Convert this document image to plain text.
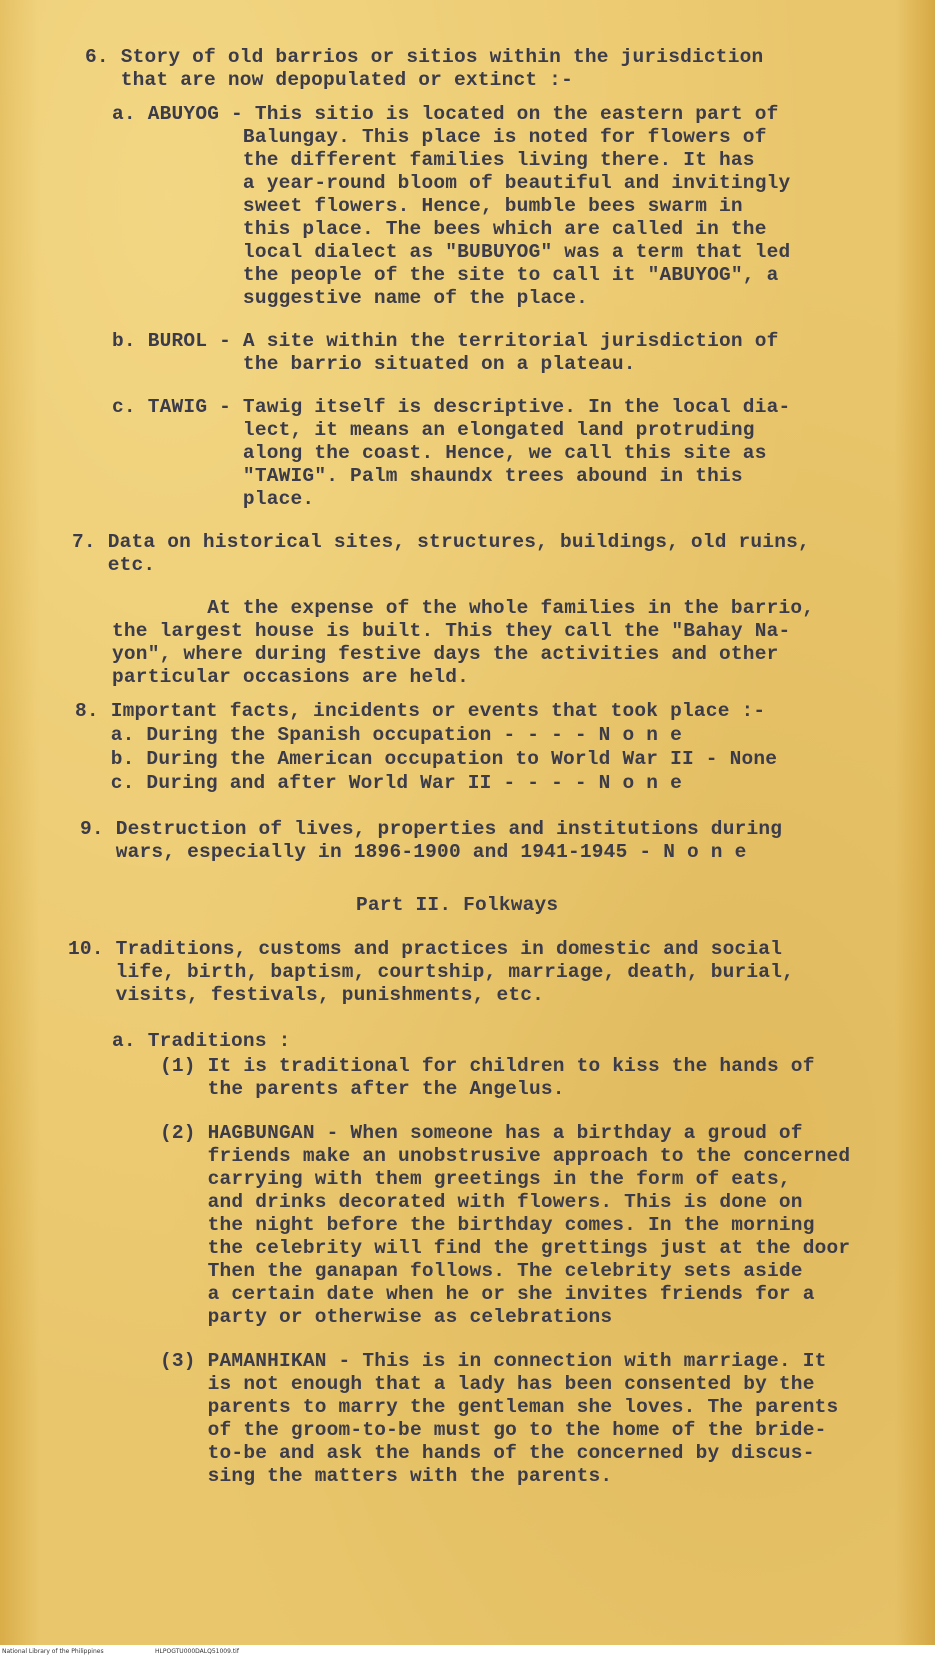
6. Story of old barrios or sitios within the jurisdiction
that are now depopulated or extinct :-
a. ABUYOG - This sitio is located on the eastern part of
Balungay. This place is noted for flowers of
the different families living there. It has
a year-round bloom of beautiful and invitingly
sweet flowers. Hence, bumble bees swarm in
this place. The bees which are called in the
local dialect as "BUBUYOG" was a term that led
the people of the site to call it "ABUYOG", a
suggestive name of the place.
b. BUROL - A site within the territorial jurisdiction of
the barrio situated on a plateau.
c. TAWIG - Tawig itself is descriptive. In the local dia-
lect, it means an elongated land protruding
along the coast. Hence, we call this site as
"TAWIG". Palm shaundx trees abound in this
place.
7. Data on historical sites, structures, buildings, old ruins,
etc.
At the expense of the whole families in the barrio,
the largest house is built. This they call the "Bahay Na-
yon", where during festive days the activities and other
particular occasions are held.
8. Important facts, incidents or events that took place :-
a. During the Spanish occupation - - - - N o n e
b. During the American occupation to World War II - None
c. During and after World War II - - - - N o n e
9. Destruction of lives, properties and institutions during
wars, especially in 1896-1900 and 1941-1945 - N o n e
Part II. Folkways
10. Traditions, customs and practices in domestic and social
life, birth, baptism, courtship, marriage, death, burial,
visits, festivals, punishments, etc.
a. Traditions :
(1) It is traditional for children to kiss the hands of
the parents after the Angelus.
(2) HAGBUNGAN - When someone has a birthday a groud of
friends make an unobstrusive approach to the concerned
carrying with them greetings in the form of eats,
and drinks decorated with flowers. This is done on
the night before the birthday comes. In the morning
the celebrity will find the grettings just at the door
Then the ganapan follows. The celebrity sets aside
a certain date when he or she invites friends for a
party or otherwise as celebrations
(3) PAMANHIKAN - This is in connection with marriage. It
is not enough that a lady has been consented by the
parents to marry the gentleman she loves. The parents
of the groom-to-be must go to the home of the bride-
to-be and ask the hands of the concerned by discus-
sing the matters with the parents.
National Library of the Philippines	HLPOGTU000DALQ51009.tif
